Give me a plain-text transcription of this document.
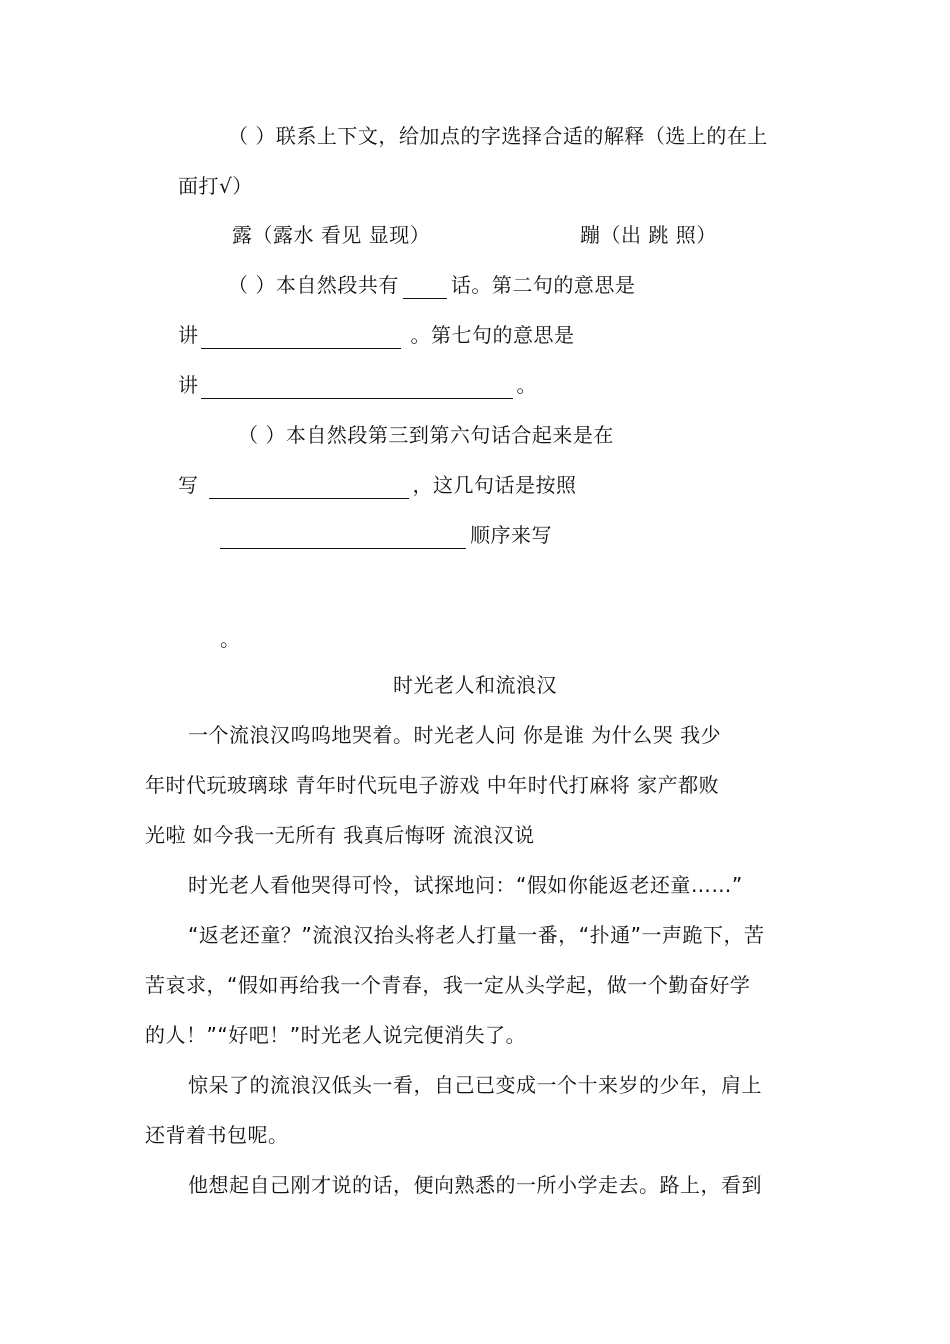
（ ）联系上下文，给加点的字选择合适的解释（选上的在上
面打√）
露（露水 看见 显现）	蹦（出 跳 照）
（ ）本自然段共有	话。第二句的意思是
讲	。第七句的意思是
讲	。
（ ）本自然段第三到第六句话合起来是在
写	，这几句话是按照
顺序来写
。
时光老人和流浪汉
一个流浪汉呜呜地哭着。时光老人问 你是谁 为什么哭 我少
年时代玩玻璃球 青年时代玩电子游戏 中年时代打麻将 家产都败
光啦 如今我一无所有 我真后悔呀 流浪汉说
时光老人看他哭得可怜，试探地问：“假如你能返老还童……”
“返老还童？”流浪汉抬头将老人打量一番，“扑通”一声跪下，苦
苦哀求，“假如再给我一个青春，我一定从头学起，做一个勤奋好学
的人！”“好吧！”时光老人说完便消失了。
惊呆了的流浪汉低头一看，自己已变成一个十来岁的少年，肩上
还背着书包呢。
他想起自己刚才说的话，便向熟悉的一所小学走去。路上，看到
